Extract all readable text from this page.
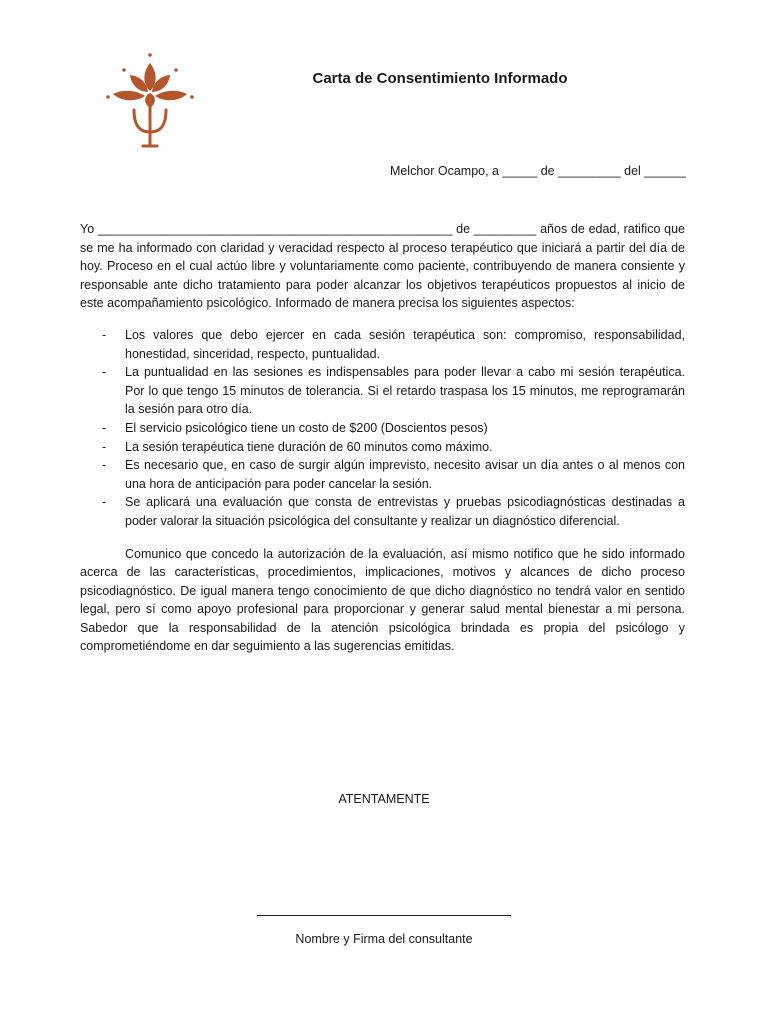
Carta de Consentimiento Informado
Melchor Ocampo, a _____ de _________ del ______

Yo ___________________________________________________ de _________ años de edad, ratifico que se me ha informado con claridad y veracidad respecto al proceso terapéutico que iniciará a partir del día de hoy. Proceso en el cual actúo libre y voluntariamente como paciente, contribuyendo de manera consiente y responsable ante dicho tratamiento para poder alcanzar los objetivos terapéuticos propuestos al inicio de este acompañamiento psicológico. Informado de manera precisa los siguientes aspectos:

- Los valores que debo ejercer en cada sesión terapéutica son: compromiso, responsabilidad, honestidad, sinceridad, respecto, puntualidad.
- La puntualidad en las sesiones es indispensables para poder llevar a cabo mi sesión terapéutica. Por lo que tengo 15 minutos de tolerancia. Si el retardo traspasa los 15 minutos, me reprogramarán la sesión para otro día.
- El servicio psicológico tiene un costo de $200 (Doscientos pesos)
- La sesión terapéutica tiene duración de 60 minutos como máximo.
- Es necesario que, en caso de surgir algún imprevisto, necesito avisar un día antes o al menos con una hora de anticipación para poder cancelar la sesión.
- Se aplicará una evaluación que consta de entrevistas y pruebas psicodiagnósticas destinadas a poder valorar la situación psicológica del consultante y realizar un diagnóstico diferencial.

Comunico que concedo la autorización de la evaluación, así mismo notifico que he sido informado acerca de las características, procedimientos, implicaciones, motivos y alcances de dicho proceso psicodiagnóstico. De igual manera tengo conocimiento de que dicho diagnóstico no tendrá valor en sentido legal, pero sí como apoyo profesional para proporcionar y generar salud mental bienestar a mi persona. Sabedor que la responsabilidad de la atención psicológica brindada es propia del psicólogo y comprometiéndome en dar seguimiento a las sugerencias emitidas.

ATENTAMENTE

Nombre y Firma del consultante
